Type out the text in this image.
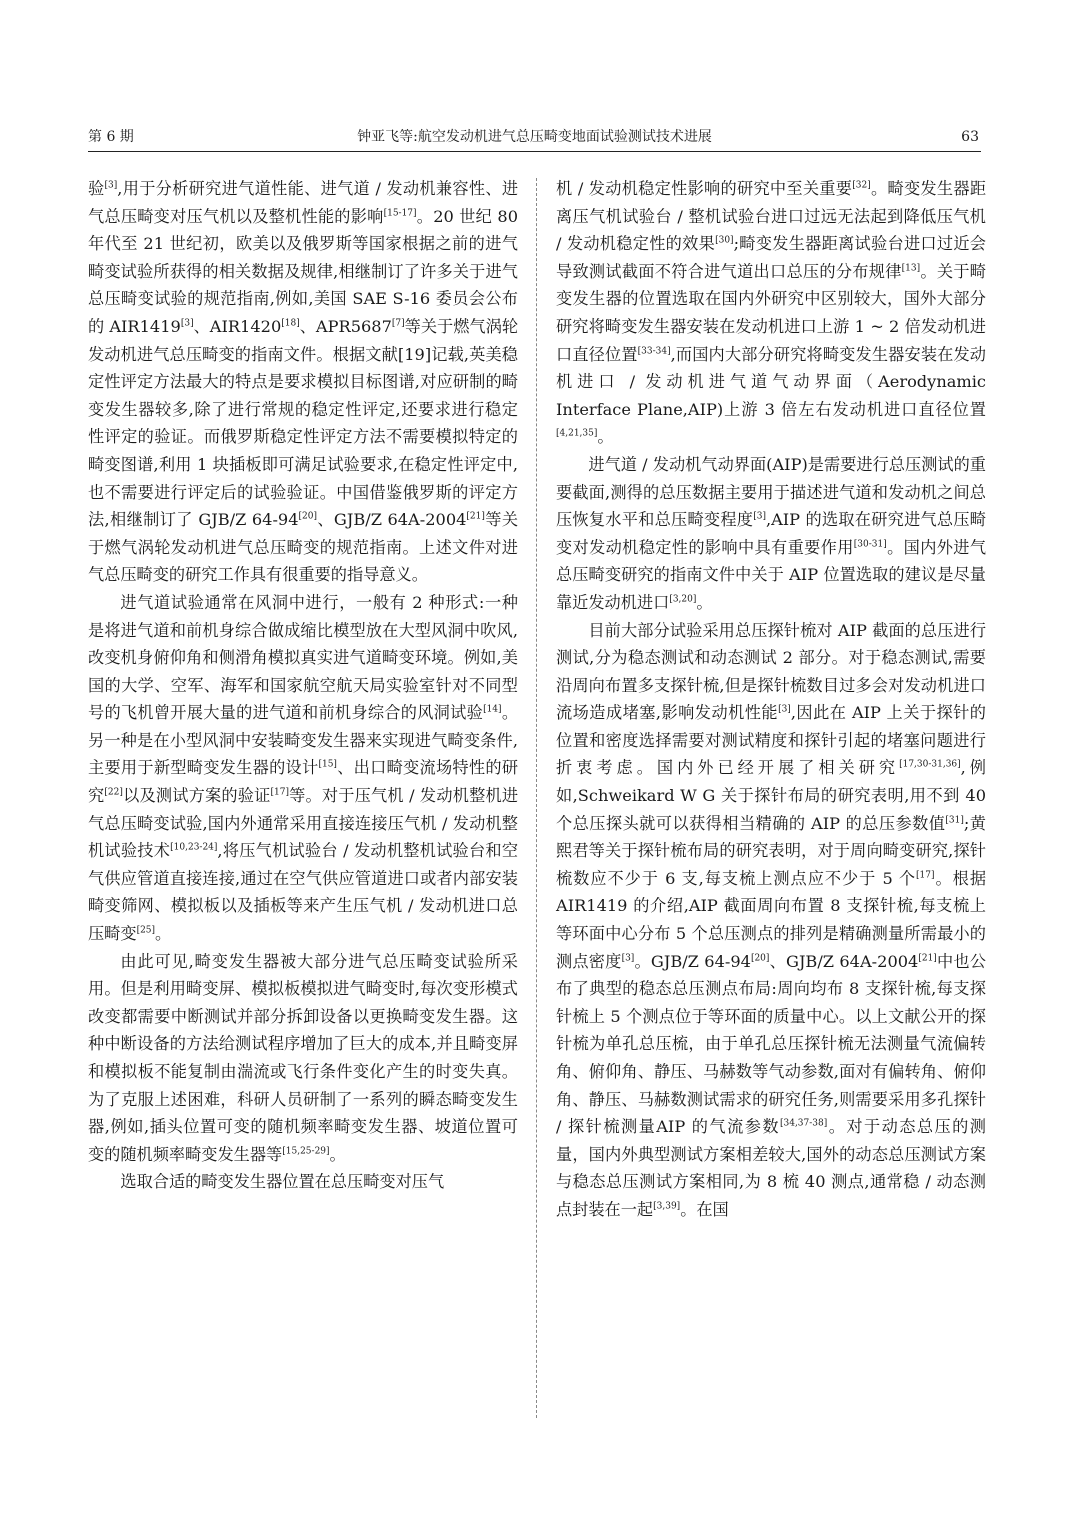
第 6 期	钟亚飞等:航空发动机进气总压畸变地面试验测试技术进展	63

验[3],用于分析研究进气道性能、进气道 / 发动机兼容性、进气总压畸变对压气机以及整机性能的影响[15-17]。20 世纪 80 年代至 21 世纪初，欧美以及俄罗斯等国家根据之前的进气畸变试验所获得的相关数据及规律,相继制订了许多关于进气总压畸变试验的规范指南,例如,美国 SAE S-16 委员会公布的 AIR1419[3]、AIR1420[18]、APR5687[7]等关于燃气涡轮发动机进气总压畸变的指南文件。根据文献[19]记载,英美稳定性评定方法最大的特点是要求模拟目标图谱,对应研制的畸变发生器较多,除了进行常规的稳定性评定,还要求进行稳定性评定的验证。而俄罗斯稳定性评定方法不需要模拟特定的畸变图谱,利用 1 块插板即可满足试验要求,在稳定性评定中,也不需要进行评定后的试验验证。中国借鉴俄罗斯的评定方法,相继制订了 GJB/Z 64-94[20]、GJB/Z 64A-2004[21]等关于燃气涡轮发动机进气总压畸变的规范指南。上述文件对进气总压畸变的研究工作具有很重要的指导意义。

进气道试验通常在风洞中进行，一般有 2 种形式:一种是将进气道和前机身综合做成缩比模型放在大型风洞中吹风,改变机身俯仰角和侧滑角模拟真实进气道畸变环境。例如,美国的大学、空军、海军和国家航空航天局实验室针对不同型号的飞机曾开展大量的进气道和前机身综合的风洞试验[14]。另一种是在小型风洞中安装畸变发生器来实现进气畸变条件,主要用于新型畸变发生器的设计[15]、出口畸变流场特性的研究[22]以及测试方案的验证[17]等。对于压气机 / 发动机整机进气总压畸变试验,国内外通常采用直接连接压气机 / 发动机整机试验技术[10,23-24],将压气机试验台 / 发动机整机试验台和空气供应管道直接连接,通过在空气供应管道进口或者内部安装畸变筛网、模拟板以及插板等来产生压气机 / 发动机进口总压畸变[25]。

由此可见,畸变发生器被大部分进气总压畸变试验所采用。但是利用畸变屏、模拟板模拟进气畸变时,每次变形模式改变都需要中断测试并部分拆卸设备以更换畸变发生器。这种中断设备的方法给测试程序增加了巨大的成本,并且畸变屏和模拟板不能复制由湍流或飞行条件变化产生的时变失真。为了克服上述困难，科研人员研制了一系列的瞬态畸变发生器,例如,插头位置可变的随机频率畸变发生器、坡道位置可变的随机频率畸变发生器等[15,25-29]。

选取合适的畸变发生器位置在总压畸变对压气

机 / 发动机稳定性影响的研究中至关重要[32]。畸变发生器距离压气机试验台 / 整机试验台进口过远无法起到降低压气机 / 发动机稳定性的效果[30];畸变发生器距离试验台进口过近会导致测试截面不符合进气道出口总压的分布规律[13]。关于畸变发生器的位置选取在国内外研究中区别较大，国外大部分研究将畸变发生器安装在发动机进口上游 1 ~ 2 倍发动机进口直径位置[33-34],而国内大部分研究将畸变发生器安装在发动机进口 / 发动机进气道气动界面（Aerodynamic Interface Plane,AIP)上游 3 倍左右发动机进口直径位置[4,21,35]。

进气道 / 发动机气动界面(AIP)是需要进行总压测试的重要截面,测得的总压数据主要用于描述进气道和发动机之间总压恢复水平和总压畸变程度[3],AIP 的选取在研究进气总压畸变对发动机稳定性的影响中具有重要作用[30-31]。国内外进气总压畸变研究的指南文件中关于 AIP 位置选取的建议是尽量靠近发动机进口[3,20]。

目前大部分试验采用总压探针梳对 AIP 截面的总压进行测试,分为稳态测试和动态测试 2 部分。对于稳态测试,需要沿周向布置多支探针梳,但是探针梳数目过多会对发动机进口流场造成堵塞,影响发动机性能[3],因此在 AIP 上关于探针的位置和密度选择需要对测试精度和探针引起的堵塞问题进行折衷考虑。国内外已经开展了相关研究[17,30-31,36],例如,Schweikard W G 关于探针布局的研究表明,用不到 40 个总压探头就可以获得相当精确的 AIP 的总压参数值[31];黄熙君等关于探针梳布局的研究表明，对于周向畸变研究,探针梳数应不少于 6 支,每支梳上测点应不少于 5 个[17]。根据 AIR1419 的介绍,AIP 截面周向布置 8 支探针梳,每支梳上等环面中心分布 5 个总压测点的排列是精确测量所需最小的测点密度[3]。GJB/Z 64-94[20]、GJB/Z 64A-2004[21]中也公布了典型的稳态总压测点布局:周向均布 8 支探针梳,每支探针梳上 5 个测点位于等环面的质量中心。以上文献公开的探针梳为单孔总压梳，由于单孔总压探针梳无法测量气流偏转角、俯仰角、静压、马赫数等气动参数,面对有偏转角、俯仰角、静压、马赫数测试需求的研究任务,则需要采用多孔探针 / 探针梳测量AIP 的气流参数[34,37-38]。对于动态总压的测量，国内外典型测试方案相差较大,国外的动态总压测试方案与稳态总压测试方案相同,为 8 梳 40 测点,通常稳 / 动态测点封装在一起[3,39]。在国
